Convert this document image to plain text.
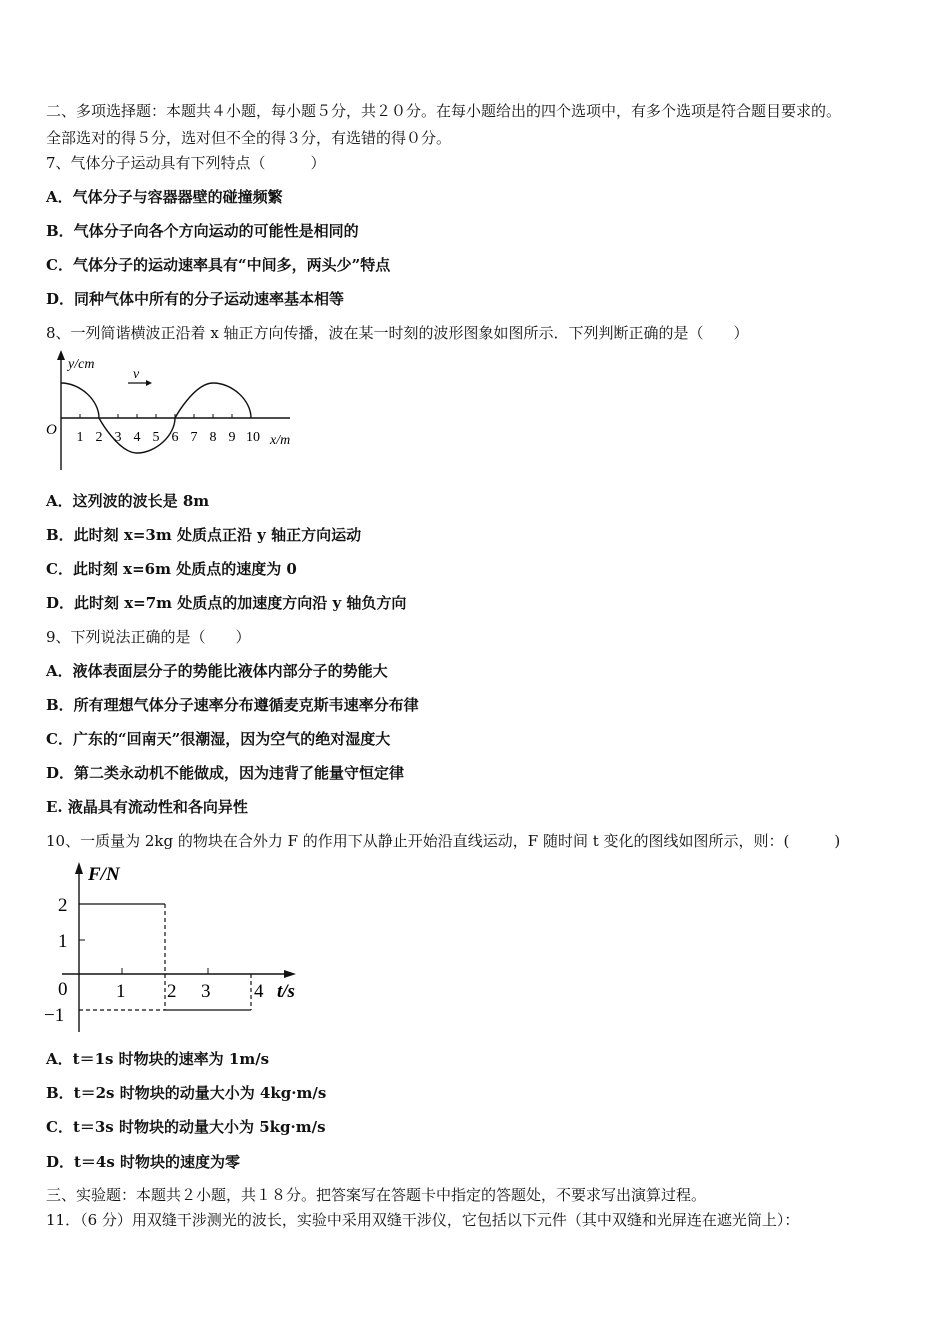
二、多项选择题：本题共４小题，每小题５分，共２０分。在每小题给出的四个选项中，有多个选项是符合题目要求的。
全部选对的得５分，选对但不全的得３分，有选错的得０分。
7、气体分子运动具有下列特点（　　　）
A．气体分子与容器器壁的碰撞频繁
B．气体分子向各个方向运动的可能性是相同的
C．气体分子的运动速率具有“中间多，两头少”特点
D．同种气体中所有的分子运动速率基本相等
8、一列简谐横波正沿着 x 轴正方向传播，波在某一时刻的波形图象如图所示．下列判断正确的是（　　）
v
y/cm
O
x/m
1 2 3 4 5 6 7 8 9 10
A．这列波的波长是 8m
B．此时刻 x=3m 处质点正沿 y 轴正方向运动
C．此时刻 x=6m 处质点的速度为 0
D．此时刻 x=7m 处质点的加速度方向沿 y 轴负方向
9、下列说法正确的是（　　）
A．液体表面层分子的势能比液体内部分子的势能大
B．所有理想气体分子速率分布遵循麦克斯韦速率分布律
C．广东的“回南天”很潮湿，因为空气的绝对湿度大
D．第二类永动机不能做成，因为违背了能量守恒定律
E. 液晶具有流动性和各向异性
10、一质量为 2kg 的物块在合外力 F 的作用下从静止开始沿直线运动，F 随时间 t 变化的图线如图所示，则：(　　　)
F/N
2
1
−1
0	1 2 3 4 t/s
A．t＝1s 时物块的速率为 1m/s
B．t＝2s 时物块的动量大小为 4kg·m/s
C．t＝3s 时物块的动量大小为 5kg·m/s
D．t＝4s 时物块的速度为零
三、实验题：本题共２小题，共１８分。把答案写在答题卡中指定的答题处，不要求写出演算过程。
11．（6 分）用双缝干涉测光的波长，实验中采用双缝干涉仪，它包括以下元件（其中双缝和光屏连在遮光筒上）：
